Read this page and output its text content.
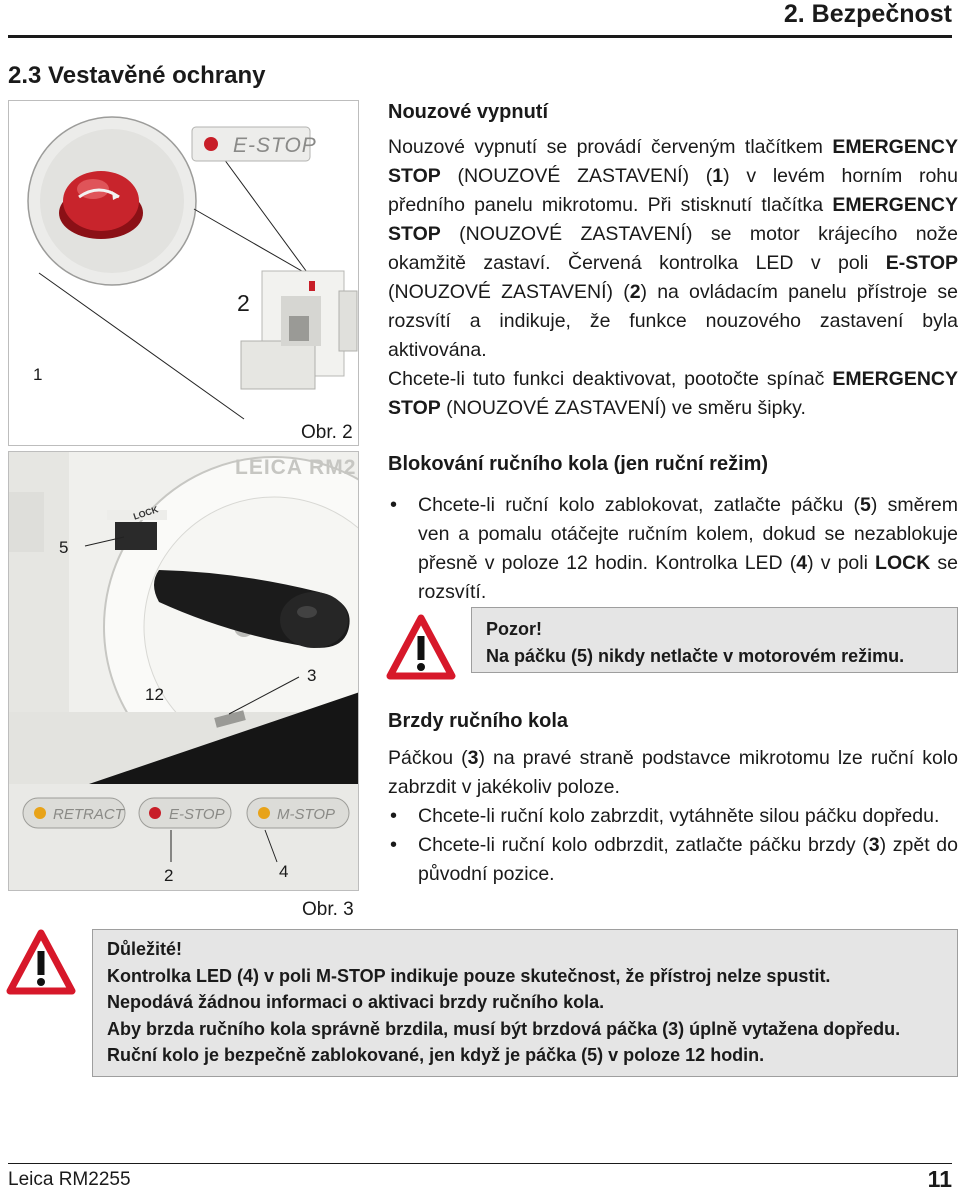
2. Bezpečnost
2.3 Vestavěné ochrany
2
1
E-STOP
Obr. 2
LEICA RM2
LOCK
5
12
3
RETRACT	E-STOP	M-STOP
2	4
Obr. 3
Nouzové vypnutí
Nouzové vypnutí se provádí červeným tlačítkem EMERGENCY STOP (NOUZOVÉ ZASTAVENÍ) (1) v levém horním rohu předního panelu mikrotomu. Při stisknutí tlačítka EMERGENCY STOP (NOUZOVÉ ZASTAVENÍ) se motor krájecího nože okamžitě zastaví. Červená kontrolka LED v poli E-STOP (NOUZOVÉ ZASTAVENÍ) (2) na ovládacím panelu přístroje se rozsvítí a indikuje, že funkce nouzového zastavení byla aktivována.
Chcete-li tuto funkci deaktivovat, pootočte spínač EMERGENCY STOP (NOUZOVÉ ZASTAVENÍ) ve směru šipky.
Blokování ručního kola (jen ruční režim)
• Chcete-li ruční kolo zablokovat, zatlačte páčku (5) směrem ven a pomalu otáčejte ručním kolem, dokud se nezablokuje přesně v poloze 12 hodin. Kontrolka LED (4) v poli LOCK se rozsvítí.
Pozor!
Na páčku (5) nikdy netlačte v motorovém režimu.
Brzdy ručního kola
Páčkou (3) na pravé straně podstavce mikrotomu lze ruční kolo zabrzdit v jakékoliv poloze.
• Chcete-li ruční kolo zabrzdit, vytáhněte silou páčku dopředu.
• Chcete-li ruční kolo odbrzdit, zatlačte páčku brzdy (3) zpět do původní pozice.
Důležité!
Kontrolka LED (4) v poli M-STOP indikuje pouze skutečnost, že přístroj nelze spustit.
Nepodává žádnou informaci o aktivaci brzdy ručního kola.
Aby brzda ručního kola správně brzdila, musí být brzdová páčka (3) úplně vytažena dopředu.
Ruční kolo je bezpečně zablokované, jen když je páčka (5) v poloze 12 hodin.
Leica RM2255	11
